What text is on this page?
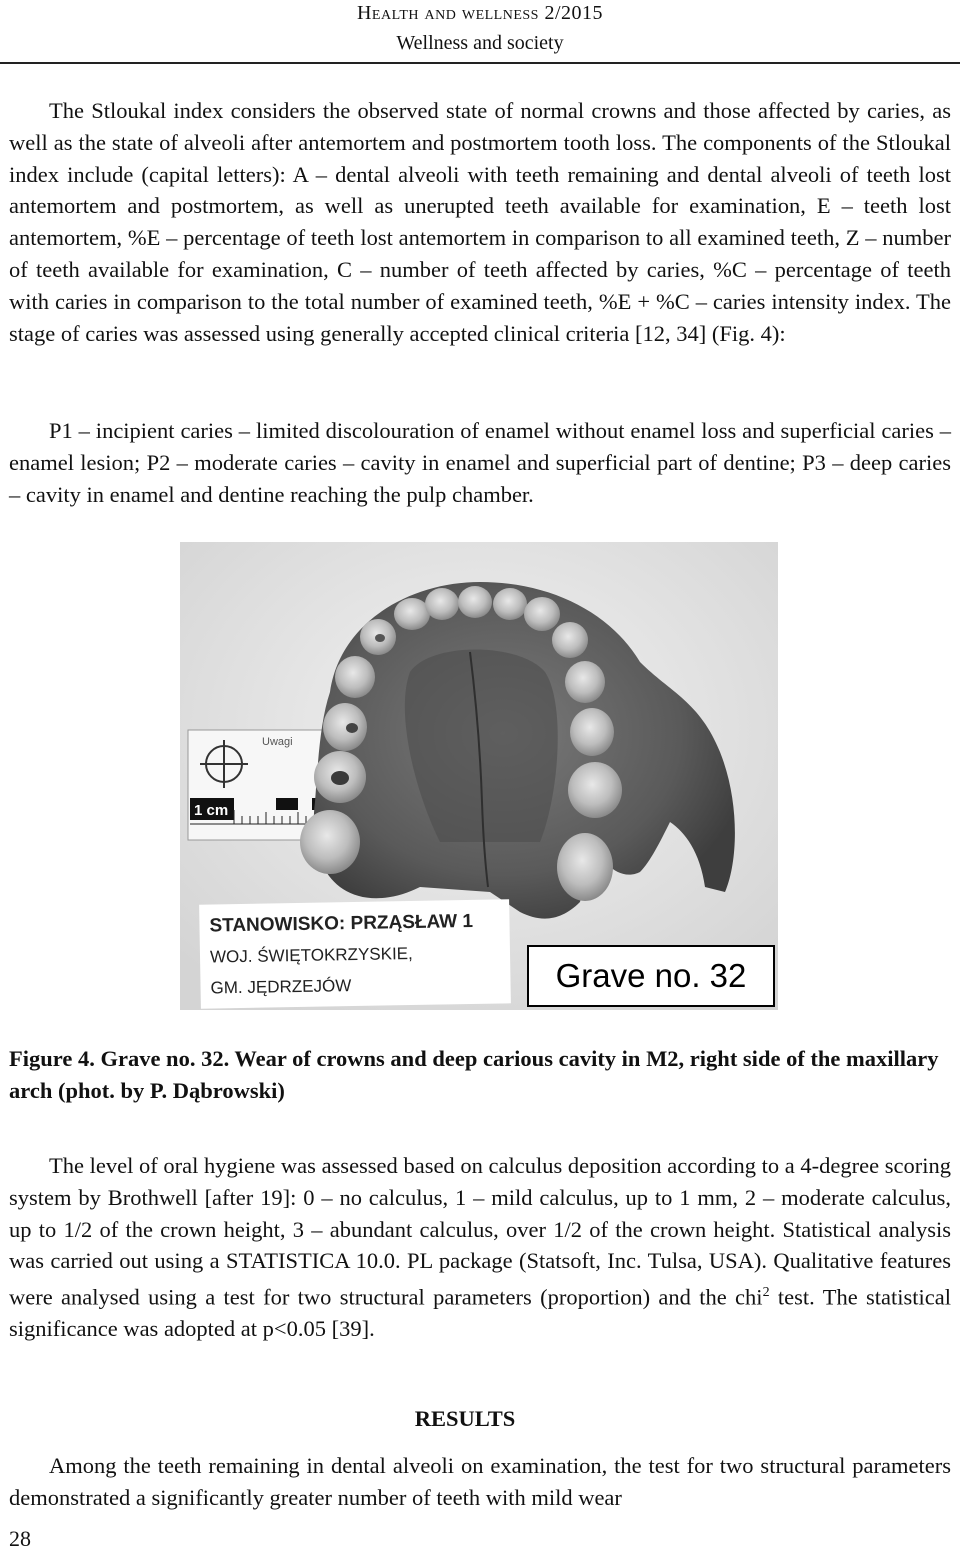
Health and wellness 2/2015
Wellness and society

The Stloukal index considers the observed state of normal crowns and those affected by caries, as well as the state of alveoli after antemortem and postmortem tooth loss. The components of the Stloukal index include (capital letters): A – dental alveoli with teeth remaining and dental alveoli of teeth lost antemortem and postmortem, as well as unerupted teeth available for examination, E – teeth lost antemortem, %E – percentage of teeth lost antemortem in comparison to all examined teeth, Z – number of teeth available for examination, C – number of teeth affected by caries, %C – percentage of teeth with caries in comparison to the total number of examined teeth, %E + %C – caries intensity index. The stage of caries was assessed using generally accepted clinical criteria [12, 34] (Fig. 4):

P1 – incipient caries – limited discolouration of enamel without enamel loss and superficial caries – enamel lesion; P2 – moderate caries – cavity in enamel and superficial part of dentine; P3 – deep caries – cavity in enamel and dentine reaching the pulp chamber.

Uwagi
1 cm
STANOWISKO: PRZĄSŁAW 1
WOJ. ŚWIĘTOKRZYSKIE,
GM. JĘDRZEJÓW	Grave no. 32

Figure 4. Grave no. 32. Wear of crowns and deep carious cavity in M2, right side of the maxillary arch (phot. by P. Dąbrowski)

The level of oral hygiene was assessed based on calculus deposition according to a 4-degree scoring system by Brothwell [after 19]: 0 – no calculus, 1 – mild calculus, up to 1 mm, 2 – moderate calculus, up to 1/2 of the crown height, 3 – abundant calculus, over 1/2 of the crown height. Statistical analysis was carried out using a STATISTICA 10.0. PL package (Statsoft, Inc. Tulsa, USA). Qualitative features were analysed using a test for two structural parameters (proportion) and the chi$^2$ test. The statistical significance was adopted at p<0.05 [39].

RESULTS

Among the teeth remaining in dental alveoli on examination, the test for two structural parameters demonstrated a significantly greater number of teeth with mild wear

28
